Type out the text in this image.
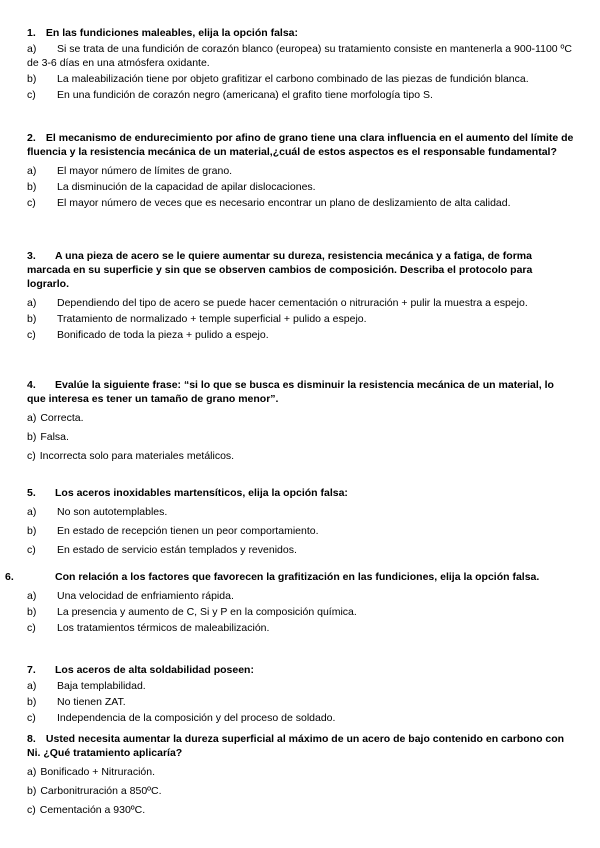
1. En las fundiciones maleables, elija la opción falsa:

a) Si se trata de una fundición de corazón blanco (europea) su tratamiento consiste en mantenerla a 900-1100 ºC de 3-6 días en una atmósfera oxidante.

b) La maleabilización tiene por objeto grafitizar el carbono combinado de las piezas de fundición blanca.

c) En una fundición de corazón negro (americana) el grafito tiene morfología tipo S.

2. El mecanismo de endurecimiento por afino de grano tiene una clara influencia en el aumento del límite de fluencia y la resistencia mecánica de un material,¿cuál de estos aspectos es el responsable fundamental?

a) El mayor número de límites de grano.

b) La disminución de la capacidad de apilar dislocaciones.

c) El mayor número de veces que es necesario encontrar un plano de deslizamiento de alta calidad.

3. A una pieza de acero se le quiere aumentar su dureza, resistencia mecánica y a fatiga, de forma marcada en su superficie y sin que se observen cambios de composición. Describa el protocolo para lograrlo.

a) Dependiendo del tipo de acero se puede hacer cementación o nitruración + pulir la muestra a espejo.

b) Tratamiento de normalizado + temple superficial + pulido a espejo.

c) Bonificado de toda la pieza + pulido a espejo.

4. Evalúe la siguiente frase: “si lo que se busca es disminuir la resistencia mecánica de un material, lo que interesa es tener un tamaño de grano menor”.

a) Correcta.

b) Falsa.

c) Incorrecta solo para materiales metálicos.

5. Los aceros inoxidables martensíticos, elija la opción falsa:

a) No son autotemplables.

b) En estado de recepción tienen un peor comportamiento.

c) En estado de servicio están templados y revenidos.

6.	Con relación a los factores que favorecen la grafitización en las fundiciones, elija la opción falsa.

a) Una velocidad de enfriamiento rápida.

b) La presencia y aumento de C, Si y P en la composición química.

c) Los tratamientos térmicos de maleabilización.

7. Los aceros de alta soldabilidad poseen:

a) Baja templabilidad.

b) No tienen ZAT.

c) Independencia de la composición y del proceso de soldado.

8. Usted necesita aumentar la dureza superficial al máximo de un acero de bajo contenido en carbono con Ni. ¿Qué tratamiento aplicaría?

a) Bonificado + Nitruración.

b) Carbonitruración a 850ºC.

c) Cementación a 930ºC.
